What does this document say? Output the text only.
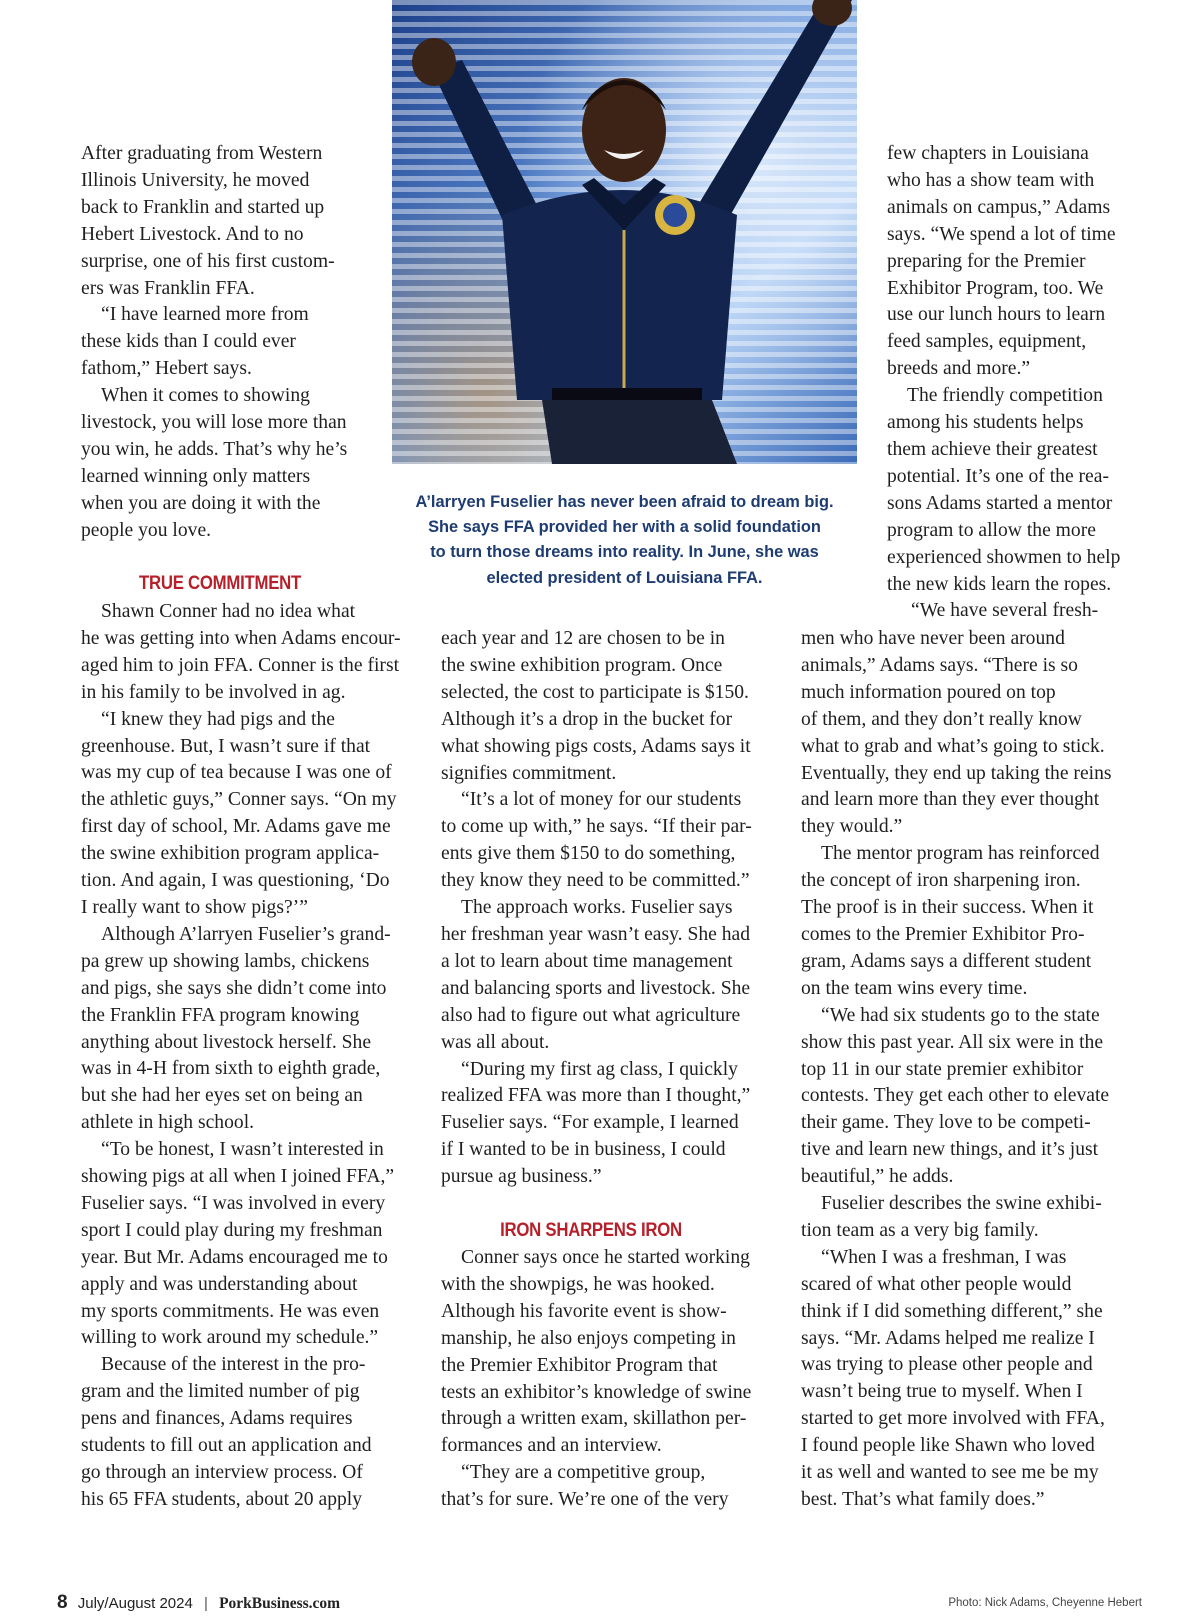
After graduating from Western
Illinois University, he moved
back to Franklin and started up
Hebert Livestock. And to no
surprise, one of his first custom-
ers was Franklin FFA.
“I have learned more from
these kids than I could ever
fathom,” Hebert says.
When it comes to showing
livestock, you will lose more than
you win, he adds. That’s why he’s
learned winning only matters
when you are doing it with the
people you love.
TRUE COMMITMENT
Shawn Conner had no idea what
he was getting into when Adams encour-
aged him to join FFA. Conner is the first
in his family to be involved in ag.
“I knew they had pigs and the
greenhouse. But, I wasn’t sure if that
was my cup of tea because I was one of
the athletic guys,” Conner says. “On my
first day of school, Mr. Adams gave me
the swine exhibition program applica-
tion. And again, I was questioning, ‘Do
I really want to show pigs?’”
Although A’larryen Fuselier’s grand-
pa grew up showing lambs, chickens
and pigs, she says she didn’t come into
the Franklin FFA program knowing
anything about livestock herself. She
was in 4-H from sixth to eighth grade,
but she had her eyes set on being an
athlete in high school.
“To be honest, I wasn’t interested in
showing pigs at all when I joined FFA,”
Fuselier says. “I was involved in every
sport I could play during my freshman
year. But Mr. Adams encouraged me to
apply and was understanding about
my sports commitments. He was even
willing to work around my schedule.”
Because of the interest in the pro-
gram and the limited number of pig
pens and finances, Adams requires
students to fill out an application and
go through an interview process. Of
his 65 FFA students, about 20 apply
A’larryen Fuselier has never been afraid to dream big.
She says FFA provided her with a solid foundation
to turn those dreams into reality. In June, she was
elected president of Louisiana FFA.
each year and 12 are chosen to be in
the swine exhibition program. Once
selected, the cost to participate is $150.
Although it’s a drop in the bucket for
what showing pigs costs, Adams says it
signifies commitment.
“It’s a lot of money for our students
to come up with,” he says. “If their par-
ents give them $150 to do something,
they know they need to be committed.”
The approach works. Fuselier says
her freshman year wasn’t easy. She had
a lot to learn about time management
and balancing sports and livestock. She
also had to figure out what agriculture
was all about.
“During my first ag class, I quickly
realized FFA was more than I thought,”
Fuselier says. “For example, I learned
if I wanted to be in business, I could
pursue ag business.”
IRON SHARPENS IRON
Conner says once he started working
with the showpigs, he was hooked.
Although his favorite event is show-
manship, he also enjoys competing in
the Premier Exhibitor Program that
tests an exhibitor’s knowledge of swine
through a written exam, skillathon per-
formances and an interview.
“They are a competitive group,
that’s for sure. We’re one of the very
few chapters in Louisiana
who has a show team with
animals on campus,” Adams
says. “We spend a lot of time
preparing for the Premier
Exhibitor Program, too. We
use our lunch hours to learn
feed samples, equipment,
breeds and more.”
The friendly competition
among his students helps
them achieve their greatest
potential. It’s one of the rea-
sons Adams started a mentor
program to allow the more
experienced showmen to help
the new kids learn the ropes.
“We have several fresh-
men who have never been around
animals,” Adams says. “There is so
much information poured on top
of them, and they don’t really know
what to grab and what’s going to stick.
Eventually, they end up taking the reins
and learn more than they ever thought
they would.”
The mentor program has reinforced
the concept of iron sharpening iron.
The proof is in their success. When it
comes to the Premier Exhibitor Pro-
gram, Adams says a different student
on the team wins every time.
“We had six students go to the state
show this past year. All six were in the
top 11 in our state premier exhibitor
contests. They get each other to elevate
their game. They love to be competi-
tive and learn new things, and it’s just
beautiful,” he adds.
Fuselier describes the swine exhibi-
tion team as a very big family.
“When I was a freshman, I was
scared of what other people would
think if I did something different,” she
says. “Mr. Adams helped me realize I
was trying to please other people and
wasn’t being true to myself. When I
started to get more involved with FFA,
I found people like Shawn who loved
it as well and wanted to see me be my
best. That’s what family does.”
8 July/August 2024 | PorkBusiness.com	Photo: Nick Adams, Cheyenne Hebert
